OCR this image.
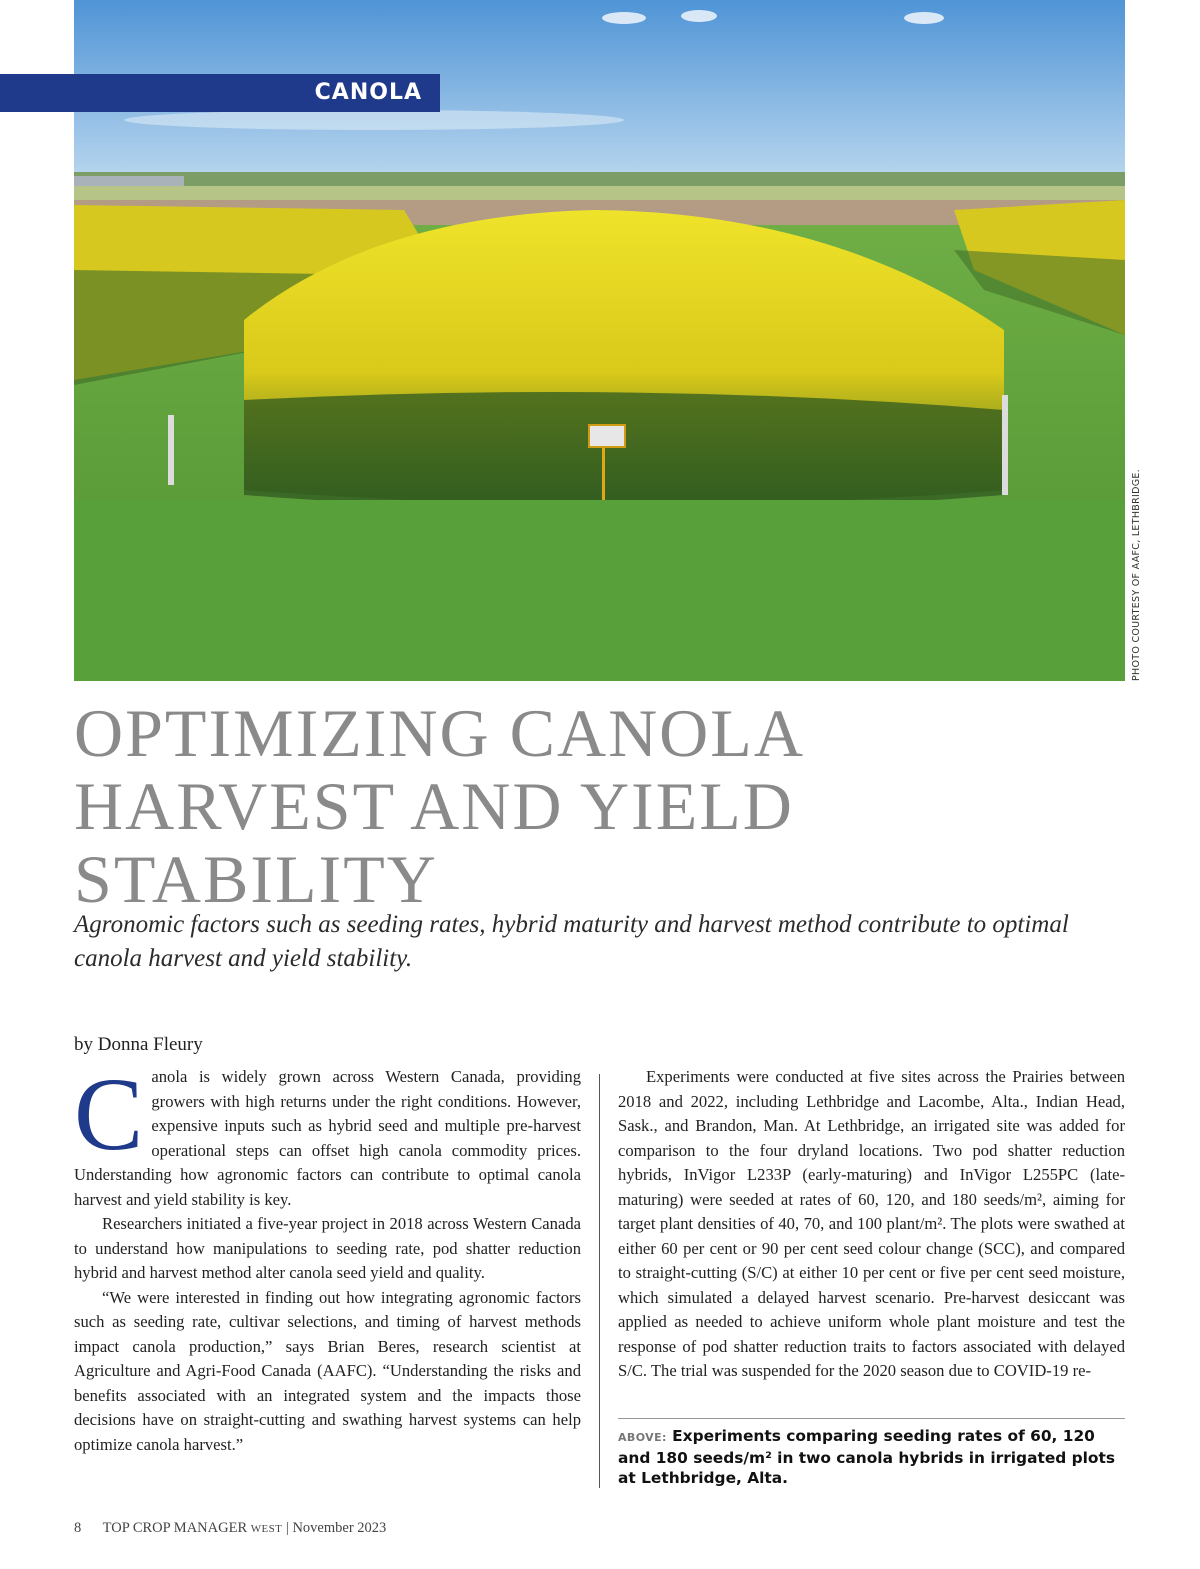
CANOLA
PHOTO COURTESY OF AAFC, LETHBRIDGE.
OPTIMIZING CANOLA HARVEST AND YIELD STABILITY

Agronomic factors such as seeding rates, hybrid maturity and harvest method contribute to optimal canola harvest and yield stability.

by Donna Fleury
C anola is widely grown across Western Canada, providing growers with high returns under the right conditions. However, expensive inputs such as hybrid seed and multiple pre-harvest operational steps can offset high canola commodity prices. Understanding how agronomic factors can contribute to optimal canola harvest and yield stability is key.

Researchers initiated a five-year project in 2018 across Western Canada to understand how manipulations to seeding rate, pod shatter reduction hybrid and harvest method alter canola seed yield and quality.

“We were interested in finding out how integrating agronomic factors such as seeding rate, cultivar selections, and timing of harvest methods impact canola production,” says Brian Beres, research scientist at Agriculture and Agri-Food Canada (AAFC). “Understanding the risks and benefits associated with an integrated system and the impacts those decisions have on straight-cutting and swathing harvest systems can help optimize canola harvest.”

Experiments were conducted at five sites across the Prairies between 2018 and 2022, including Lethbridge and Lacombe, Alta., Indian Head, Sask., and Brandon, Man. At Lethbridge, an irrigated site was added for comparison to the four dryland locations. Two pod shatter reduction hybrids, InVigor L233P (early-maturing) and InVigor L255PC (late-maturing) were seeded at rates of 60, 120, and 180 seeds/m², aiming for target plant densities of 40, 70, and 100 plant/m². The plots were swathed at either 60 per cent or 90 per cent seed colour change (SCC), and compared to straight-cutting (S/C) at either 10 per cent or five per cent seed moisture, which simulated a delayed harvest scenario. Pre-harvest desiccant was applied as needed to achieve uniform whole plant moisture and test the response of pod shatter reduction traits to factors associated with delayed S/C. The trial was suspended for the 2020 season due to COVID-19 re-

ABOVE: Experiments comparing seeding rates of 60, 120 and 180 seeds/m² in two canola hybrids in irrigated plots at Lethbridge, Alta.
8 TOP CROP MANAGER WEST | November 2023
